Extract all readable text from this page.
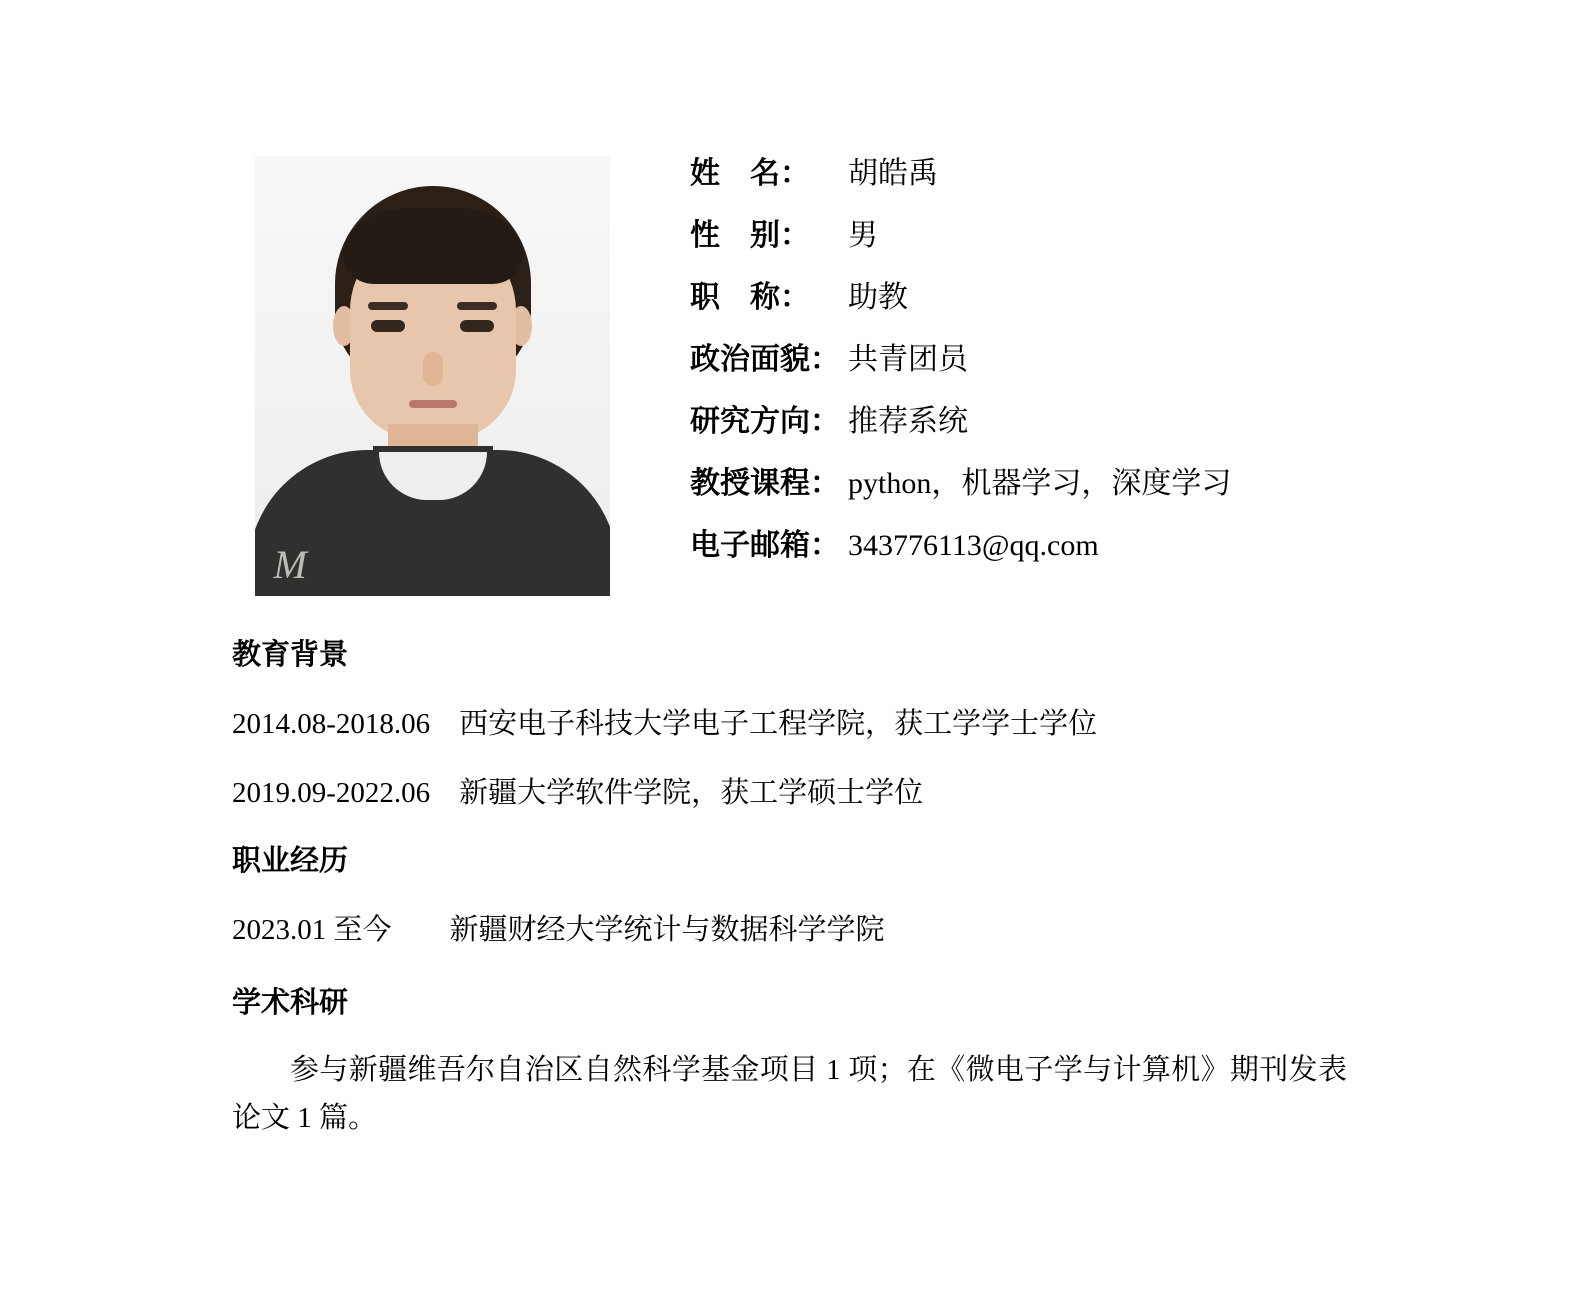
M
姓    名：	胡皓禹
性    别：	男
职    称：	助教
政治面貌： 共青团员
研究方向： 推荐系统
教授课程： python，机器学习，深度学习
电子邮箱： 343776113@qq.com
教育背景
2014.08-2018.06    西安电子科技大学电子工程学院，获工学学士学位
2019.09-2022.06    新疆大学软件学院，获工学硕士学位
职业经历
2023.01 至今        新疆财经大学统计与数据科学学院
学术科研
参与新疆维吾尔自治区自然科学基金项目 1 项；在《微电子学与计算机》期刊发表论文 1 篇。
